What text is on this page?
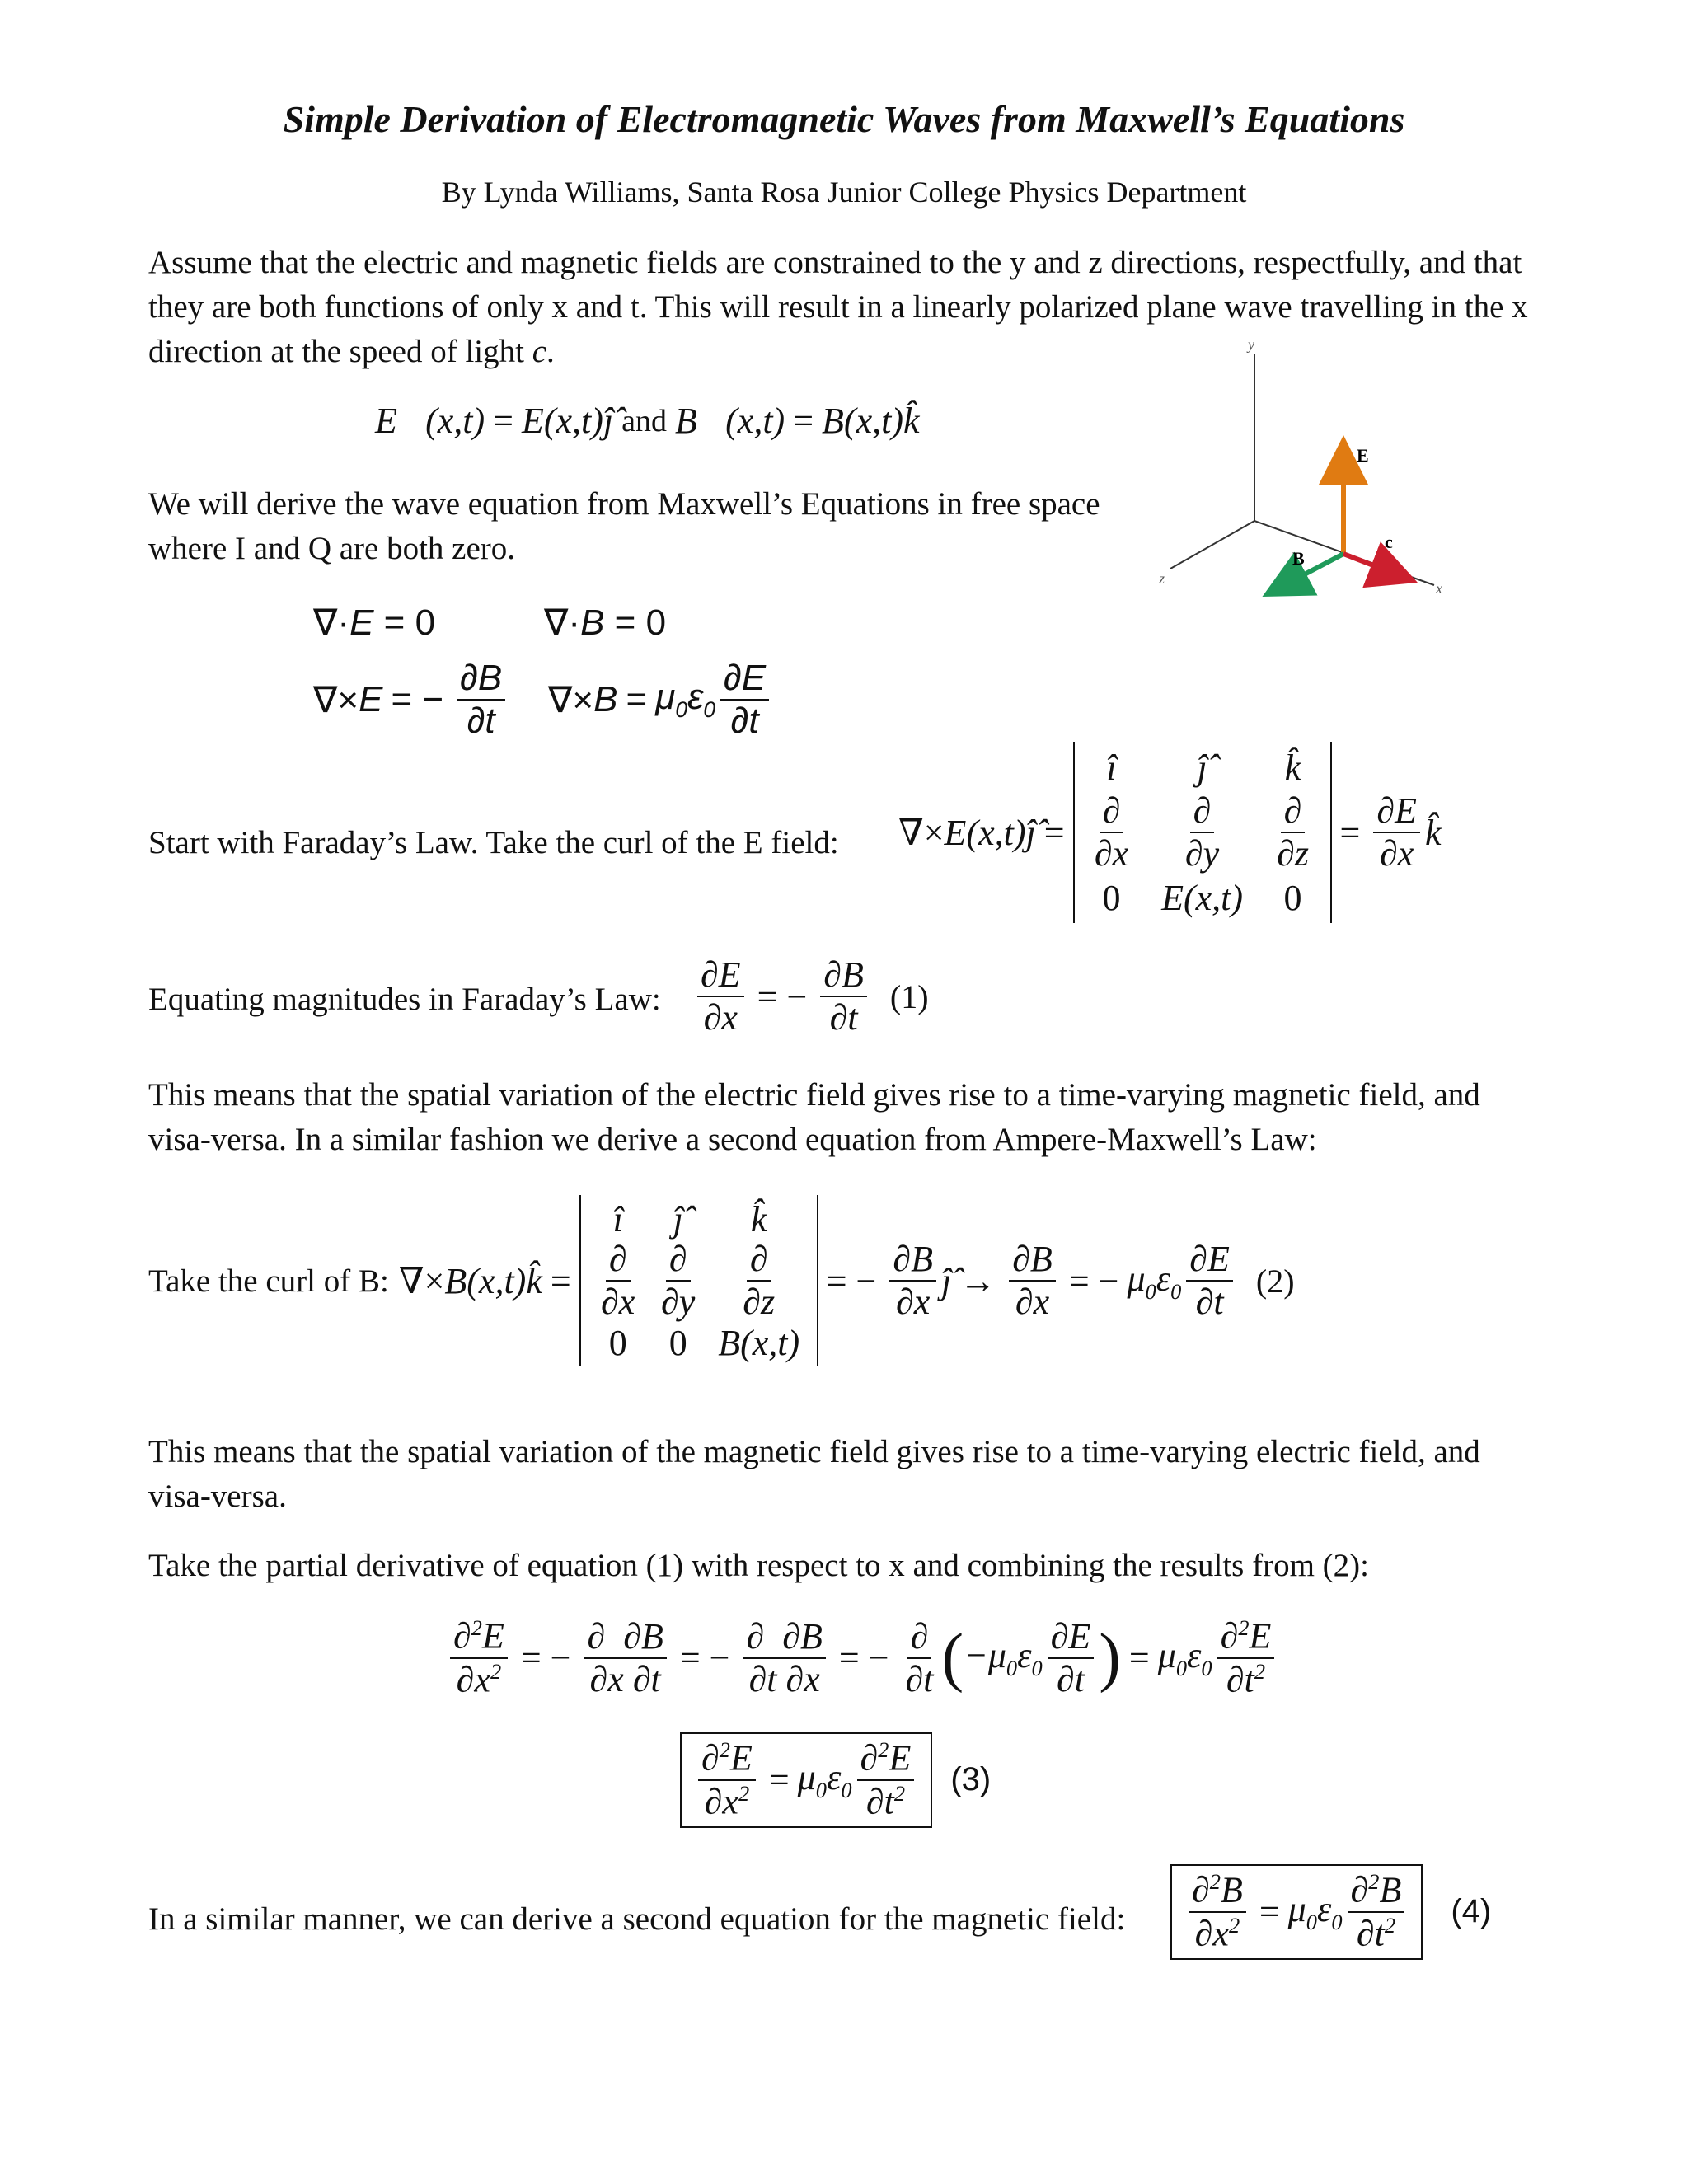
Simple Derivation of Electromagnetic Waves from Maxwell’s Equations
By Lynda Williams, Santa Rosa Junior College Physics Department
Assume that the electric and magnetic fields are constrained to the y and z directions, respectfully, and that they are both functions of only x and t. This will result in a linearly polarized plane wave travelling in the x direction at the speed of light c.
E⃗(x,t) = E(x,t)ĵ̂ and B⃗(x,t) = B(x,t)k̂
We will derive the wave equation from Maxwell’s Equations in free space where I and Q are both zero.
y
x
z
E
B
c
∇·E = 0	∇·B = 0
∇× E = − $\frac{\partial B}{\partial t}$ ∇× $B = \mu_0\varepsilon_0 \frac{\partial E}{\partial t}$
Start with Faraday’s Law. Take the curl of the E field: ∇×E(x,t)ĵ̂ =
î	ĵ̂	k̂
$\frac{\partial}{\partial x} \frac{\partial}{\partial y} \frac{\partial}{\partial z}$
0	E(x,t)	0
= $\frac{\partial E}{\partial x}$ k̂
Equating magnitudes in Faraday’s Law: $\frac{\partial E}{\partial x}$ = − $\frac{\partial B}{\partial t} (1)$
This means that the spatial variation of the electric field gives rise to a time-varying magnetic field, and visa-versa. In a similar fashion we derive a second equation from Ampere-Maxwell’s Law:
Take the curl of B: ∇×B(x,t)k̂ =
î	ĵ̂	k̂
$\frac{\partial}{\partial x} \frac{\partial}{\partial y} \frac{\partial}{\partial z}$
0	0 B(x,t)
= − $\frac{\partial B}{\partial x}$ ĵ̂ → $\frac{\partial B}{\partial x}$ = − $\mu_0\varepsilon_0 \frac{\partial E}{\partial t} (2)$
This means that the spatial variation of the magnetic field gives rise to a time-varying electric field, and visa-versa.
Take the partial derivative of equation (1) with respect to x and combining the results from (2):
$\frac{\partial^2E}{\partial x^2}$ = − $\frac{\partial \partial B}{\partial x \partial t}$ = − $\frac{\partial \partial B}{\partial t \partial x}$ = − $\frac{\partial}{\partial t}$ ( $-\mu_0\varepsilon_0 \frac{\partial E}{\partial t}$ ) = $\mu_0\varepsilon_0 \frac{\partial^2E}{\partial t^2}$
$\frac{\partial^2E}{\partial x^2} = \mu_0\varepsilon_0 \frac{\partial^2E}{\partial t^2} (3)$
In a similar manner, we can derive a second equation for the magnetic field: $\frac{\partial^2B}{\partial x^2} = \mu_0\varepsilon_0 \frac{\partial^2B}{\partial t^2} (4)$
